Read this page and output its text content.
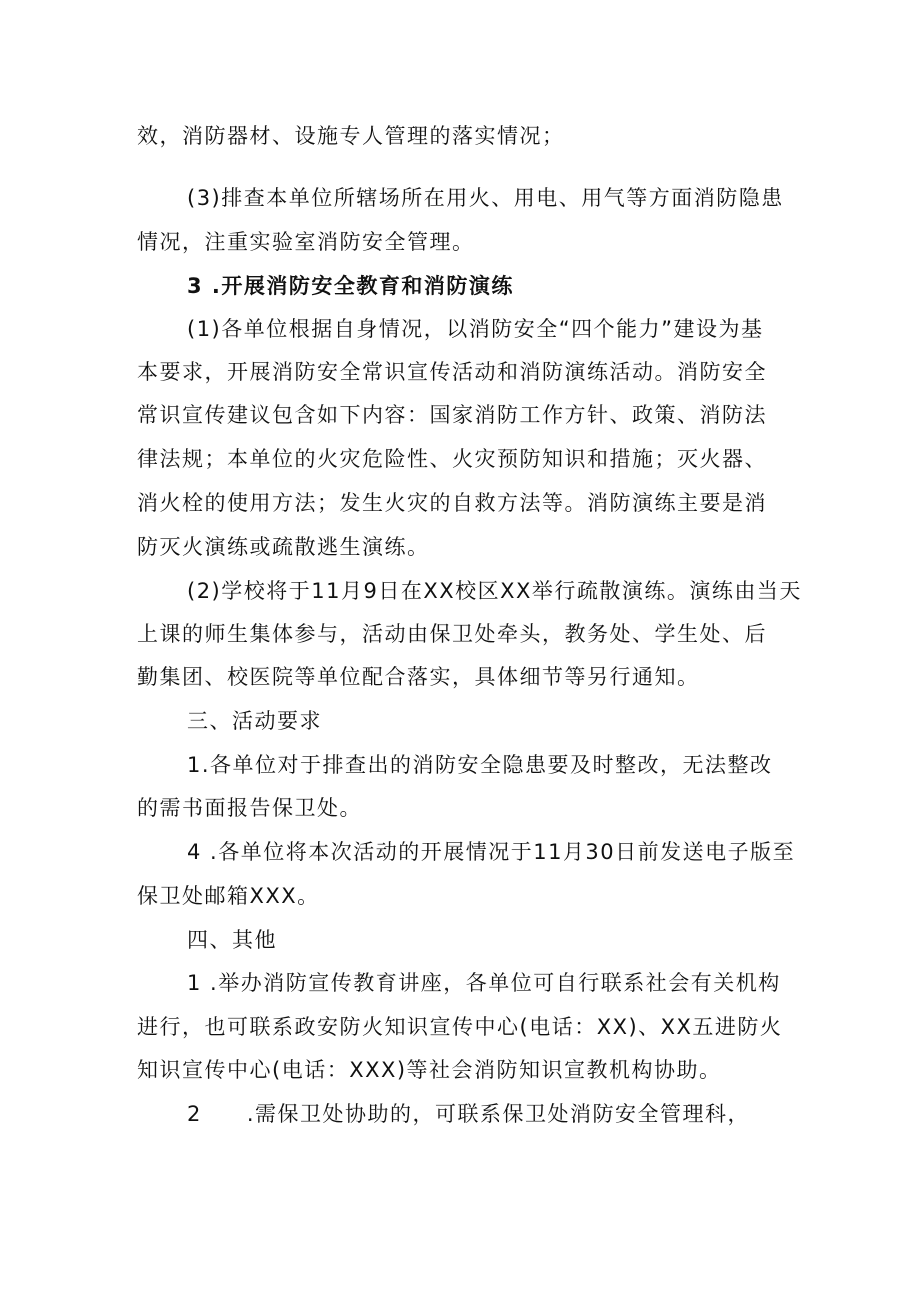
效，消防器材、设施专人管理的落实情况；
(3)排查本单位所辖场所在用火、用电、用气等方面消防隐患
情况，注重实验室消防安全管理。
3 .开展消防安全教育和消防演练
(1)各单位根据自身情况，以消防安全“四个能力”建设为基
本要求，开展消防安全常识宣传活动和消防演练活动。消防安全
常识宣传建议包含如下内容：国家消防工作方针、政策、消防法
律法规；本单位的火灾危险性、火灾预防知识和措施；灭火器、
消火栓的使用方法；发生火灾的自救方法等。消防演练主要是消
防灭火演练或疏散逃生演练。
(2)学校将于11月9日在XX校区XX举行疏散演练。演练由当天
上课的师生集体参与，活动由保卫处牵头，教务处、学生处、后
勤集团、校医院等单位配合落实，具体细节等另行通知。
三、活动要求
1.各单位对于排查出的消防安全隐患要及时整改，无法整改
的需书面报告保卫处。
4 .各单位将本次活动的开展情况于11月30日前发送电子版至
保卫处邮箱XXX。
四、其他
1 .举办消防宣传教育讲座，各单位可自行联系社会有关机构
进行，也可联系政安防火知识宣传中心(电话：XX)、XX五进防火
知识宣传中心(电话：XXX)等社会消防知识宣教机构协助。
2　　.需保卫处协助的，可联系保卫处消防安全管理科，
